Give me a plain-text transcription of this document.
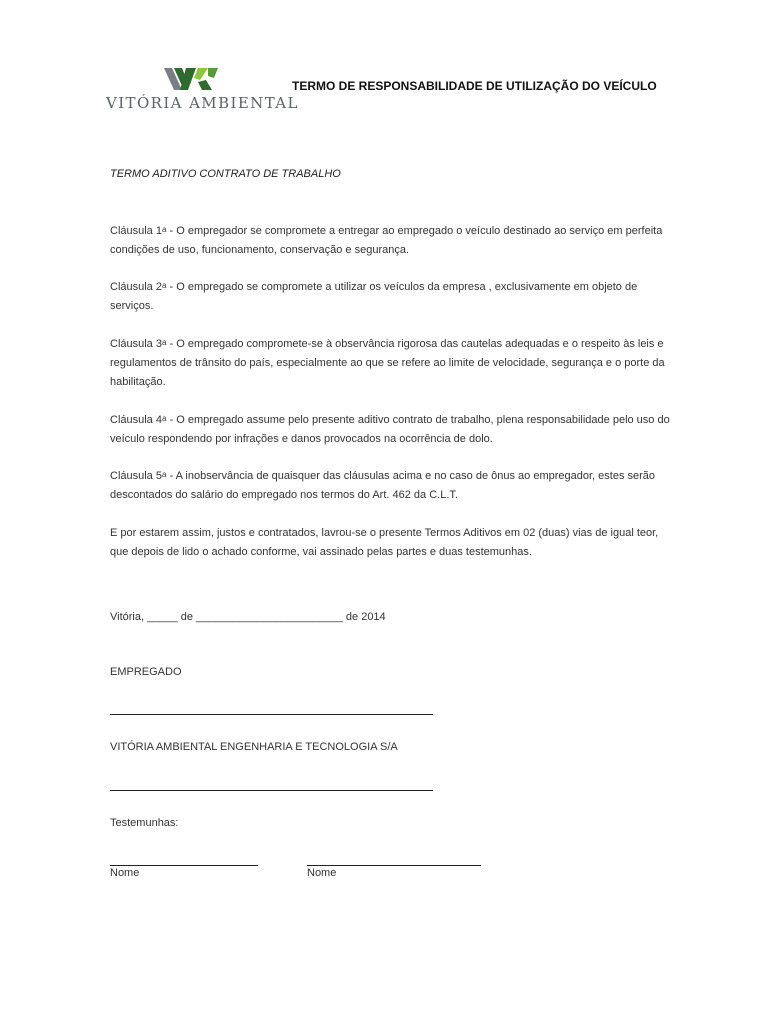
VITÓRIA AMBIENTAL
TERMO DE RESPONSABILIDADE DE UTILIZAÇÃO DO VEÍCULO
TERMO ADITIVO CONTRATO DE TRABALHO

Cláusula 1$^a$ - O empregador se compromete a entregar ao empregado o veículo destinado ao serviço em perfeita condições de uso, funcionamento, conservação e segurança.

Cláusula 2$^a$ - O empregado se compromete a utilizar os veículos da empresa , exclusivamente em objeto de serviços.

Cláusula 3$^a$ - O empregado compromete-se à observância rigorosa das cautelas adequadas e o respeito às leis e regulamentos de trânsito do país, especialmente ao que se refere ao limite de velocidade, segurança e o porte da habilitação.

Cláusula 4$^a$ - O empregado assume pelo presente aditivo contrato de trabalho, plena responsabilidade pelo uso do veículo respondendo por infrações e danos provocados na ocorrência de dolo.

Cláusula 5$^a$ - A inobservância de quaisquer das cláusulas acima e no caso de ônus ao empregador, estes serão descontados do salário do empregado nos termos do Art. 462 da C.L.T.

E por estarem assim, justos e contratados, lavrou-se o presente Termos Aditivos em 02 (duas) vias de igual teor, que depois de lido o achado conforme, vai assinado pelas partes e duas testemunhas.

Vitória, _____ de ________________________ de 2014
EMPREGADO
VITÓRIA AMBIENTAL ENGENHARIA E TECNOLOGIA S/A
Testemunhas:
Nome	Nome
